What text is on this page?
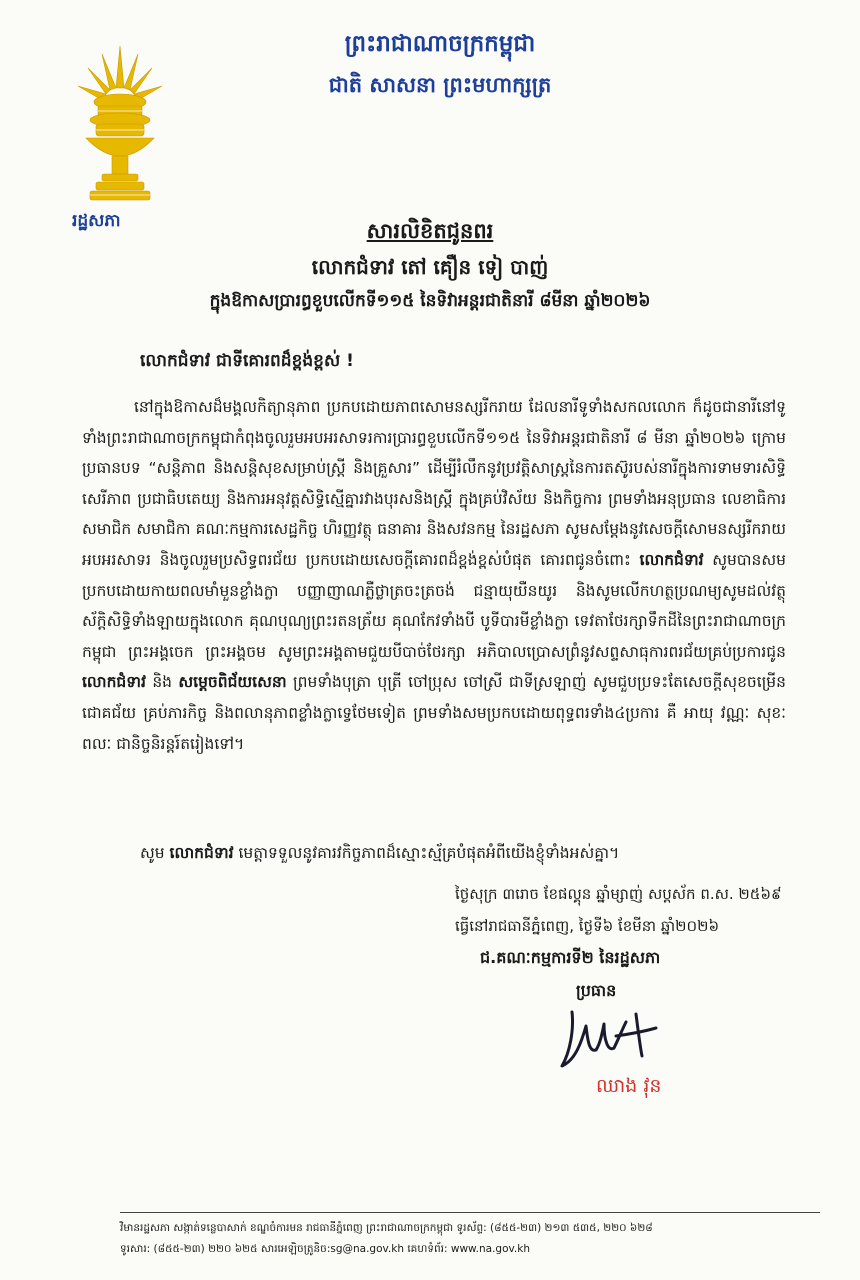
រដ្ឋសភា
ព្រះរាជាណាចក្រកម្ពុជា
ជាតិ សាសនា ព្រះមហាក្សត្រ
សារលិខិតជូនពរ
លោកជំទាវ តៅ គឿន ទៀ បាញ់
ក្នុងឱកាសប្រារព្ធខួបលើកទី១១៥ នៃទិវាអន្តរជាតិនារី ៨មីនា ឆ្នាំ២០២៦
លោកជំទាវ ជាទីគោរពដ៏ខ្ពង់ខ្ពស់ !
នៅក្នុងឱកាសដ៏មង្គលកិត្យានុភាព ប្រកបដោយភាពសោមនស្សរីករាយ ដែលនារីទូទាំងសកលលោក ក៏ដូចជានារីនៅទូទាំងព្រះរាជាណាចក្រកម្ពុជាកំពុងចូលរួមអបអរសាទរការប្រារព្ធខួបលើកទី១១៥ នៃទិវាអន្តរជាតិនារី ៨ មីនា ឆ្នាំ២០២៦ ក្រោមប្រធានបទ “សន្តិភាព និងសន្តិសុខសម្រាប់ស្ត្រី និងគ្រួសារ” ដើម្បីរំលឹកនូវប្រវត្តិសាស្ត្រនៃការតស៊ូរបស់នារីក្នុងការទាមទារសិទ្ធិ សេរីភាព ប្រជាធិបតេយ្យ និងការអនុវត្តសិទ្ធិស្មើគ្នារវាងបុរសនិងស្ត្រី ក្នុងគ្រប់វិស័យ និងកិច្ចការ ព្រមទាំងអនុប្រធាន លេខាធិការ សមាជិក សមាជិកា គណៈកម្មការសេដ្ឋកិច្ច ហិរញ្ញវត្ថុ ធនាគារ និងសវនកម្ម នៃរដ្ឋសភា សូមសម្តែងនូវសេចក្តីសោមនស្សរីករាយ អបអរសាទរ និងចូលរួមប្រសិទ្ធពរជ័យ ប្រកបដោយសេចក្តីគោរពដ៏ខ្ពង់ខ្ពស់បំផុត គោរពជូនចំពោះ លោកជំទាវ សូមបានសមប្រកបដោយកាយពលមាំមួនខ្លាំងក្លា បញ្ញាញាណភ្លឺថ្លាត្រចះត្រចង់ ជន្មាយុយឺនយូរ និងសូមលើកហត្ថប្រណម្យសូមដល់វត្ថុស័ក្តិសិទ្ធិទាំងឡាយក្នុងលោក គុណបុណ្យព្រះរតនត្រ័យ គុណកែវទាំងបី បូទីបារមីខ្លាំងក្លា ទេវតាថែរក្សាទឹកដីនៃព្រះរាជាណាចក្រកម្ពុជា ព្រះអង្គចេក ព្រះអង្គចម សូមព្រះអង្គតាមជួយបីបាច់ថែរក្សា អភិបាលប្រោសព្រំនូវសព្ទសាធុការពរជ័យគ្រប់ប្រការជូន លោកជំទាវ និង សម្តេចពិជ័យសេនា ព្រមទាំងបុត្រា បុត្រី ចៅប្រុស ចៅស្រី ជាទីស្រឡាញ់ សូមជួបប្រទះតែសេចក្តីសុខចម្រើន ជោគជ័យ គ្រប់ភារកិច្ច និងពលានុភាពខ្លាំងក្លាទ្វេថែមទៀត ព្រមទាំងសមប្រកបដោយពុទ្ធពរទាំង៤ប្រការ គឺ អាយុ វណ្ណៈ សុខៈ ពលៈ ជានិច្ចនិរន្តរ៍តរៀងទៅ។
សូម លោកជំទាវ មេត្តាទទួលនូវគារវកិច្ចភាពដ៏ស្មោះស្ម័គ្របំផុតអំពីយើងខ្ញុំទាំងអស់គ្នា។
ថ្ងៃសុក្រ ៣រោច ខែផល្គុន ឆ្នាំម្សាញ់ សប្តស័ក ព.ស. ២៥៦៩
ធ្វើនៅរាជធានីភ្នំពេញ, ថ្ងៃទី៦ ខែមីនា ឆ្នាំ២០២៦
ជ.គណៈកម្មការទី២ នៃរដ្ឋសភា
ប្រធាន
ឈាង វុន
វិមានរដ្ឋសភា សង្កាត់ទន្លេបាសាក់ ខណ្ឌចំការមន រាជធានីភ្នំពេញ ព្រះរាជាណាចក្រកម្ពុជា ទូរស័ព្ទ: (៨៥៥-២៣) ២១៣ ៥៣៥, ២២០ ៦២៨
ទូរសារ: (៨៥៥-២៣) ២២០ ៦២៥ សារអេឡិចត្រូនិច:sg@na.gov.kh គេហទំព័រ: www.na.gov.kh
